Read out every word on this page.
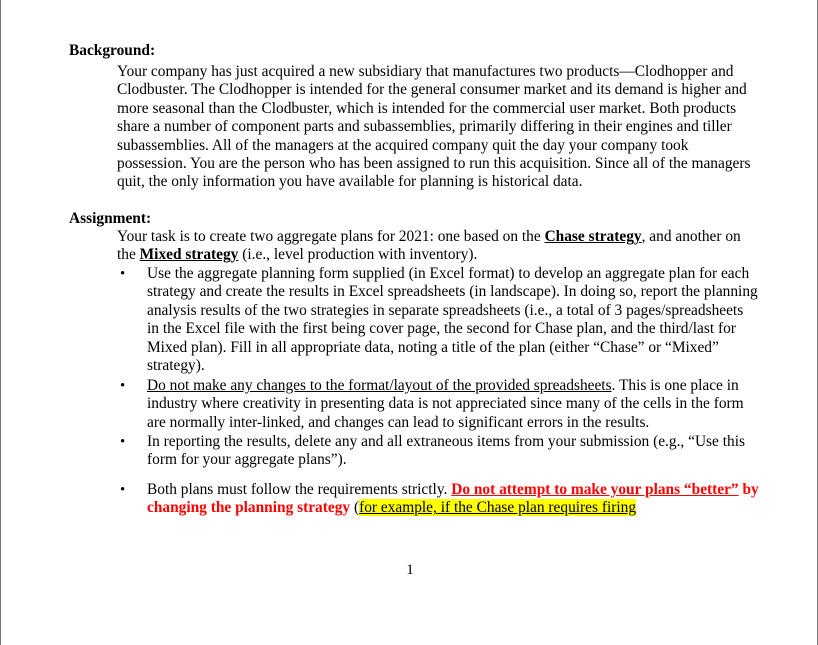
Background:

Your company has just acquired a new subsidiary that manufactures two products—Clodhopper and Clodbuster. The Clodhopper is intended for the general consumer market and its demand is higher and more seasonal than the Clodbuster, which is intended for the commercial user market. Both products share a number of component parts and subassemblies, primarily differing in their engines and tiller subassemblies. All of the managers at the acquired company quit the day your company took possession. You are the person who has been assigned to run this acquisition. Since all of the managers quit, the only information you have available for planning is historical data.

Assignment:

Your task is to create two aggregate plans for 2021: one based on the Chase strategy, and another on the Mixed strategy (i.e., level production with inventory).

• Use the aggregate planning form supplied (in Excel format) to develop an aggregate plan for each strategy and create the results in Excel spreadsheets (in landscape). In doing so, report the planning analysis results of the two strategies in separate spreadsheets (i.e., a total of 3 pages/spreadsheets in the Excel file with the first being cover page, the second for Chase plan, and the third/last for Mixed plan). Fill in all appropriate data, noting a title of the plan (either “Chase” or “Mixed” strategy).
• Do not make any changes to the format/layout of the provided spreadsheets. This is one place in industry where creativity in presenting data is not appreciated since many of the cells in the form are normally inter-linked, and changes can lead to significant errors in the results.
• In reporting the results, delete any and all extraneous items from your submission (e.g., “Use this form for your aggregate plans”).
• Both plans must follow the requirements strictly. Do not attempt to make your plans “better” by changing the planning strategy (for example, if the Chase plan requires firing
1
